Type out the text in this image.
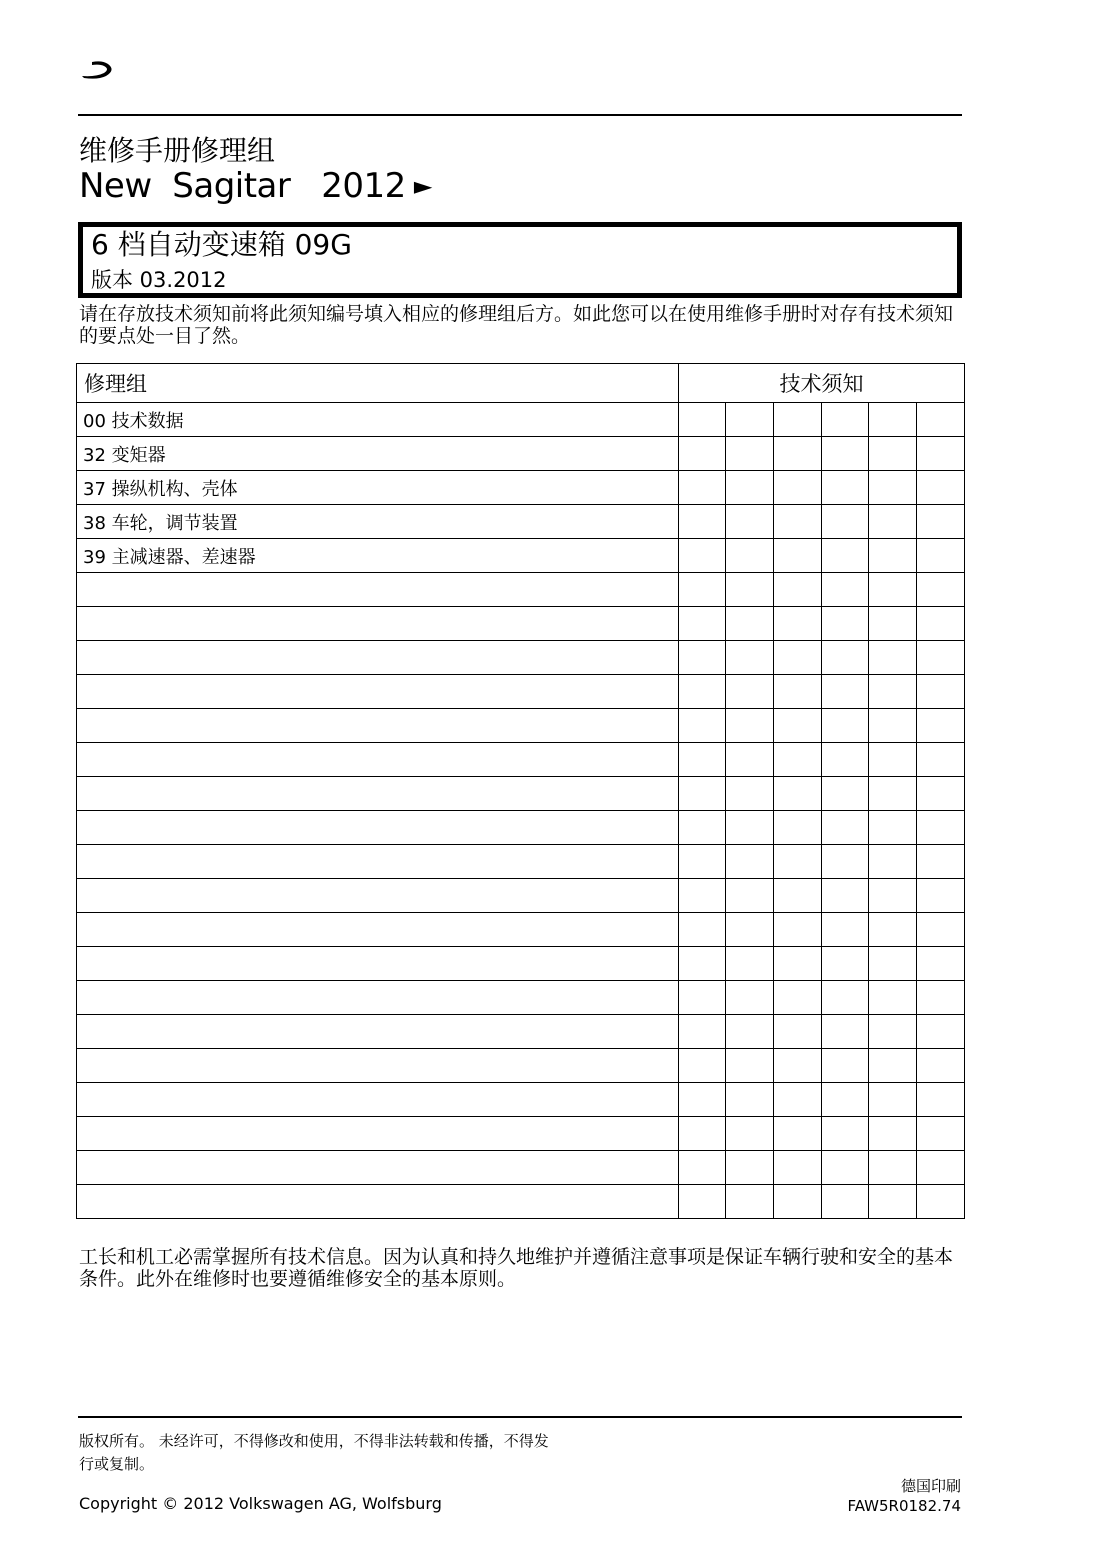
维修手册修理组
New  Sagitar   2012 ►
6 档自动变速箱 09G
版本 03.2012
请在存放技术须知前将此须知编号填入相应的修理组后方。如此您可以在使用维修手册时对存有技术须知的要点处一目了然。
修理组	技术须知					
00 技术数据						
32 变矩器						
37 操纵机构、壳体						
38 车轮，调节装置						
39 主减速器、差速器						

工长和机工必需掌握所有技术信息。因为认真和持久地维护并遵循注意事项是保证车辆行驶和安全的基本条件。此外在维修时也要遵循维修安全的基本原则。
版权所有。 未经许可，不得修改和使用，不得非法转载和传播，不得发
行或复制。
Copyright © 2012 Volkswagen AG, Wolfsburg
德国印刷
FAW5R0182.74
